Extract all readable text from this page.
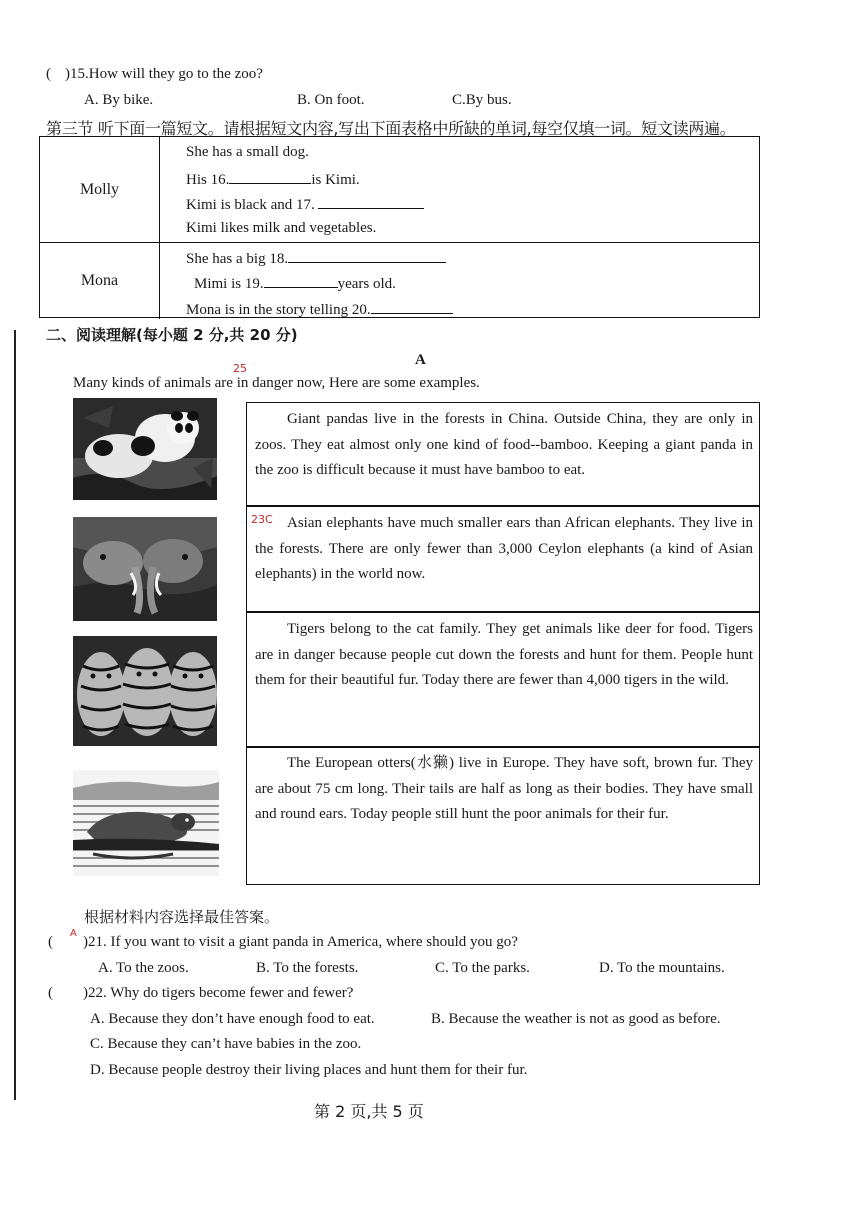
( )15.How will they go to the zoo?
A. By bike.	B. On foot.	C.By bus.
第三节 听下面一篇短文。请根据短文内容,写出下面表格中所缺的单词,每空仅填一词。短文读两遍。
Molly
She has a small dog.
His 16.	is Kimi.
Kimi is black and 17.
Kimi likes milk and vegetables.
Mona
She has a big 18.
Mimi is 19.	years old.
Mona is in the story telling 20.
二、阅读理解(每小题 2 分,共 20 分)
A
25
Many kinds of animals are in danger now, Here are some examples.
Giant pandas live in the forests in China. Outside China, they are only in zoos. They eat almost only one kind of food--bamboo. Keeping a giant panda in the zoo is difficult because it must have bamboo to eat.
Asian elephants have much smaller ears than African elephants. They live in the forests. There are only fewer than 3,000 Ceylon elephants (a kind of Asian elephants) in the world now.
23C
Tigers belong to the cat family. They get animals like deer for food. Tigers are in danger because people cut down the forests and hunt for them. People hunt them for their beautiful fur. Today there are fewer than 4,000 tigers in the wild.
The European otters(水獭) live in Europe. They have soft, brown fur. They are about 75 cm long. Their tails are half as long as their bodies. They have small and round ears. Today people still hunt the poor animals for their fur.
根据材料内容选择最佳答案。
A
( )21. If you want to visit a giant panda in America, where should you go?
A. To the zoos.	B. To the forests.	C. To the parks.	D. To the mountains.
( )22. Why do tigers become fewer and fewer?
A. Because they don’t have enough food to eat.	B. Because the weather is not as good as before.
C. Because they can’t have babies in the zoo.
D. Because people destroy their living places and hunt them for their fur.
第 2 页,共 5 页
